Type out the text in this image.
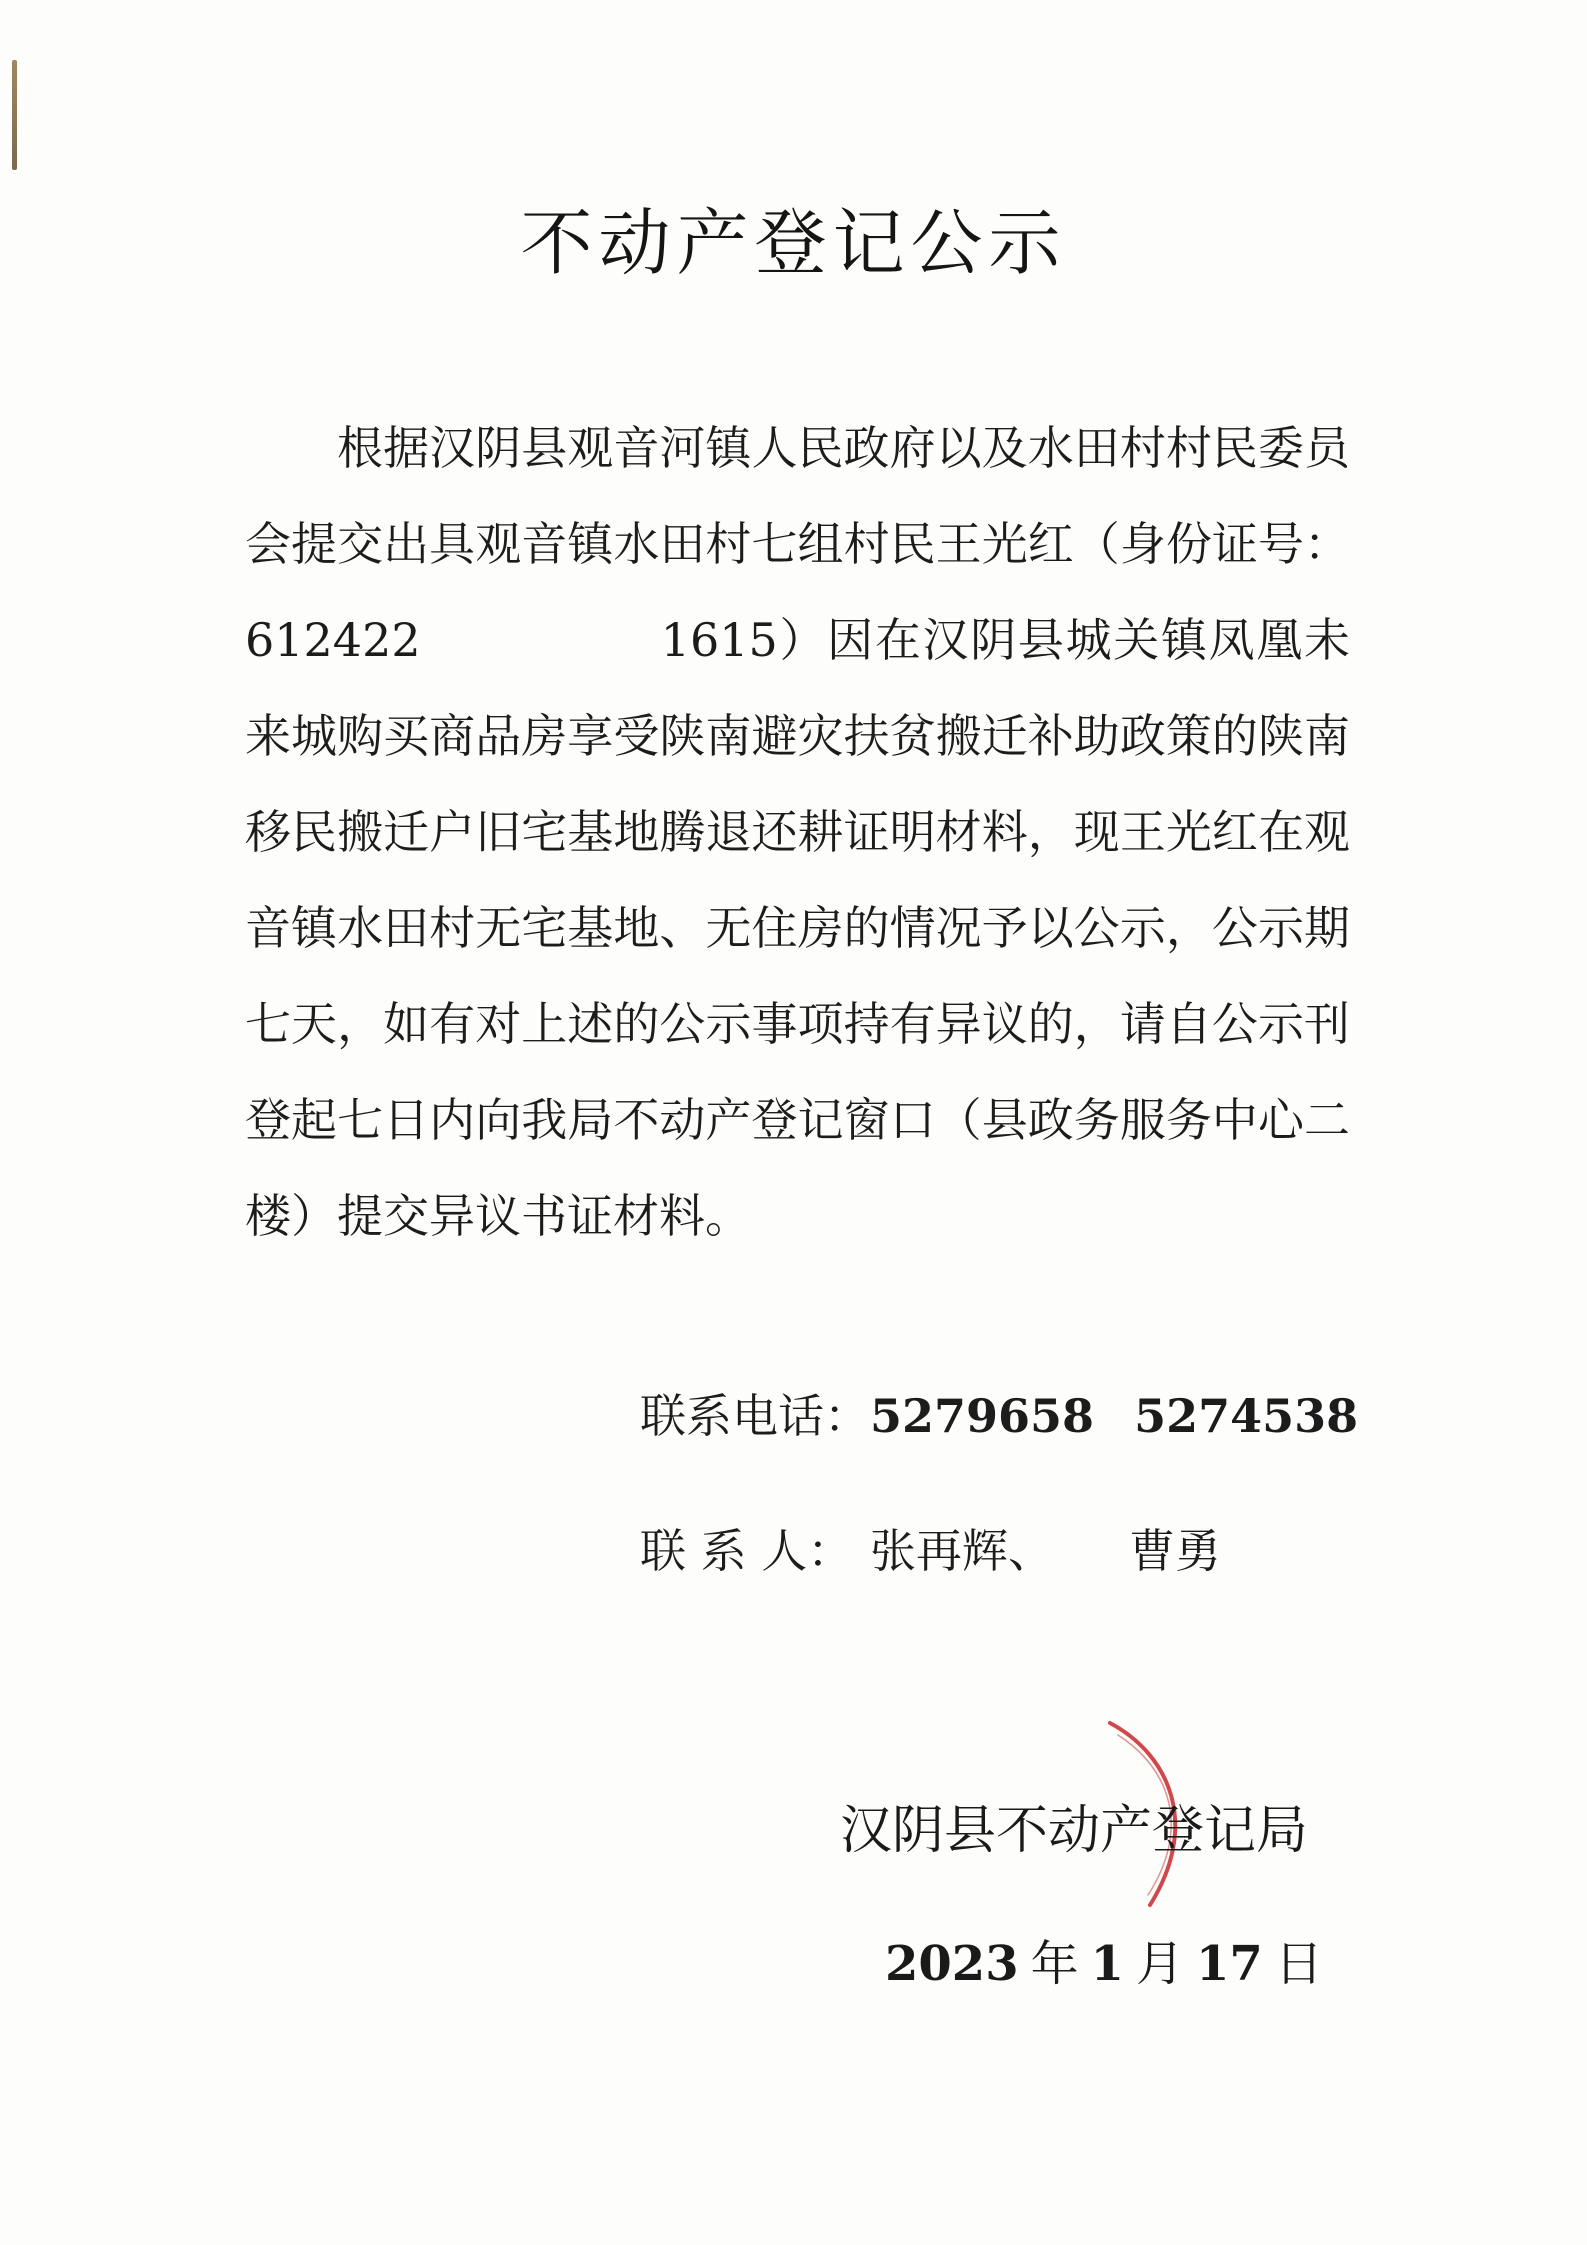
不动产登记公示
根据汉阴县观音河镇人民政府以及水田村村民委员会提交出具观音镇水田村七组村民王光红（身份证号：612422　　　　　1615）因在汉阴县城关镇凤凰未来城购买商品房享受陕南避灾扶贫搬迁补助政策的陕南移民搬迁户旧宅基地腾退还耕证明材料，现王光红在观音镇水田村无宅基地、无住房的情况予以公示，公示期七天，如有对上述的公示事项持有异议的，请自公示刊登起七日内向我局不动产登记窗口（县政务服务中心二楼）提交异议书证材料。
联系电话：5279658 5274538
联 系 人： 张再辉、 曹勇
汉阴县不动产登记局
2023 年 1 月 17 日
